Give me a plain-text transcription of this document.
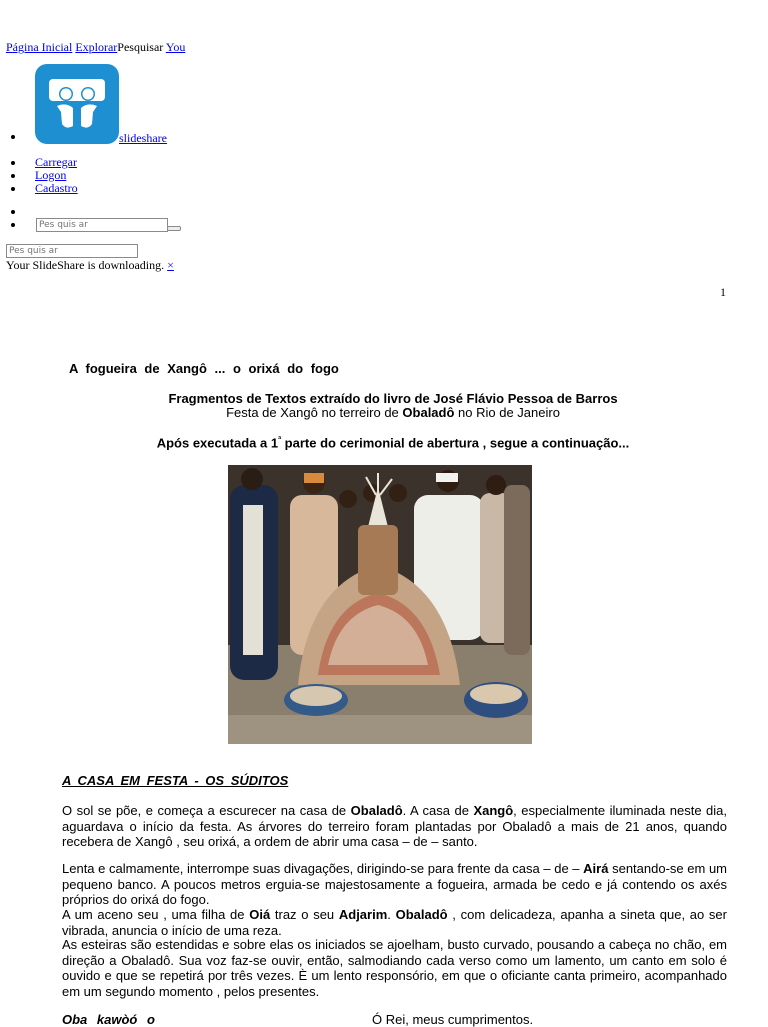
Página Inicial ExplorarPesquisar You
slideshare
Carregar
Logon
Cadastro
Pes quis ar
Pes quis ar
Your SlideShare is downloading. ×
1
A fogueira de Xangô ... o orixá do fogo
Fragmentos de Textos extraído do livro de José Flávio Pessoa de Barros
Festa de Xangô no terreiro de Obaladô no Rio de Janeiro
Após executada a $1^ª$ parte do cerimonial de abertura , segue a continuação...
A CASA EM FESTA - OS SÚDITOS
O sol se põe, e começa a escurecer na casa de Obaladô. A casa de Xangô, especialmente iluminada neste dia, aguardava o início da festa. As árvores do terreiro foram plantadas por Obaladô a mais de 21 anos, quando recebera de Xangô , seu orixá, a ordem de abrir uma casa – de – santo.
Lenta e calmamente, interrompe suas divagações, dirigindo-se para frente da casa – de – Airá sentando-se em um pequeno banco. A poucos metros erguia-se majestosamente a fogueira, armada be cedo e já contendo os axés próprios do orixá do fogo.
A um aceno seu , uma filha de Oiá traz o seu Adjarim. Obaladô , com delicadeza, apanha a sineta que, ao ser vibrada, anuncia o início de uma reza.
As esteiras são estendidas e sobre elas os iniciados se ajoelham, busto curvado, pousando a cabeça no chão, em direção a Obaladô. Sua voz faz-se ouvir, então, salmodiando cada verso como um lamento, um canto em solo é ouvido e que se repetirá por três vezes. È um lento responsório, em que o oficiante canta primeiro, acompanhado em um segundo momento , pelos presentes.
Oba kawòó o	Ó Rei, meus cumprimentos.
